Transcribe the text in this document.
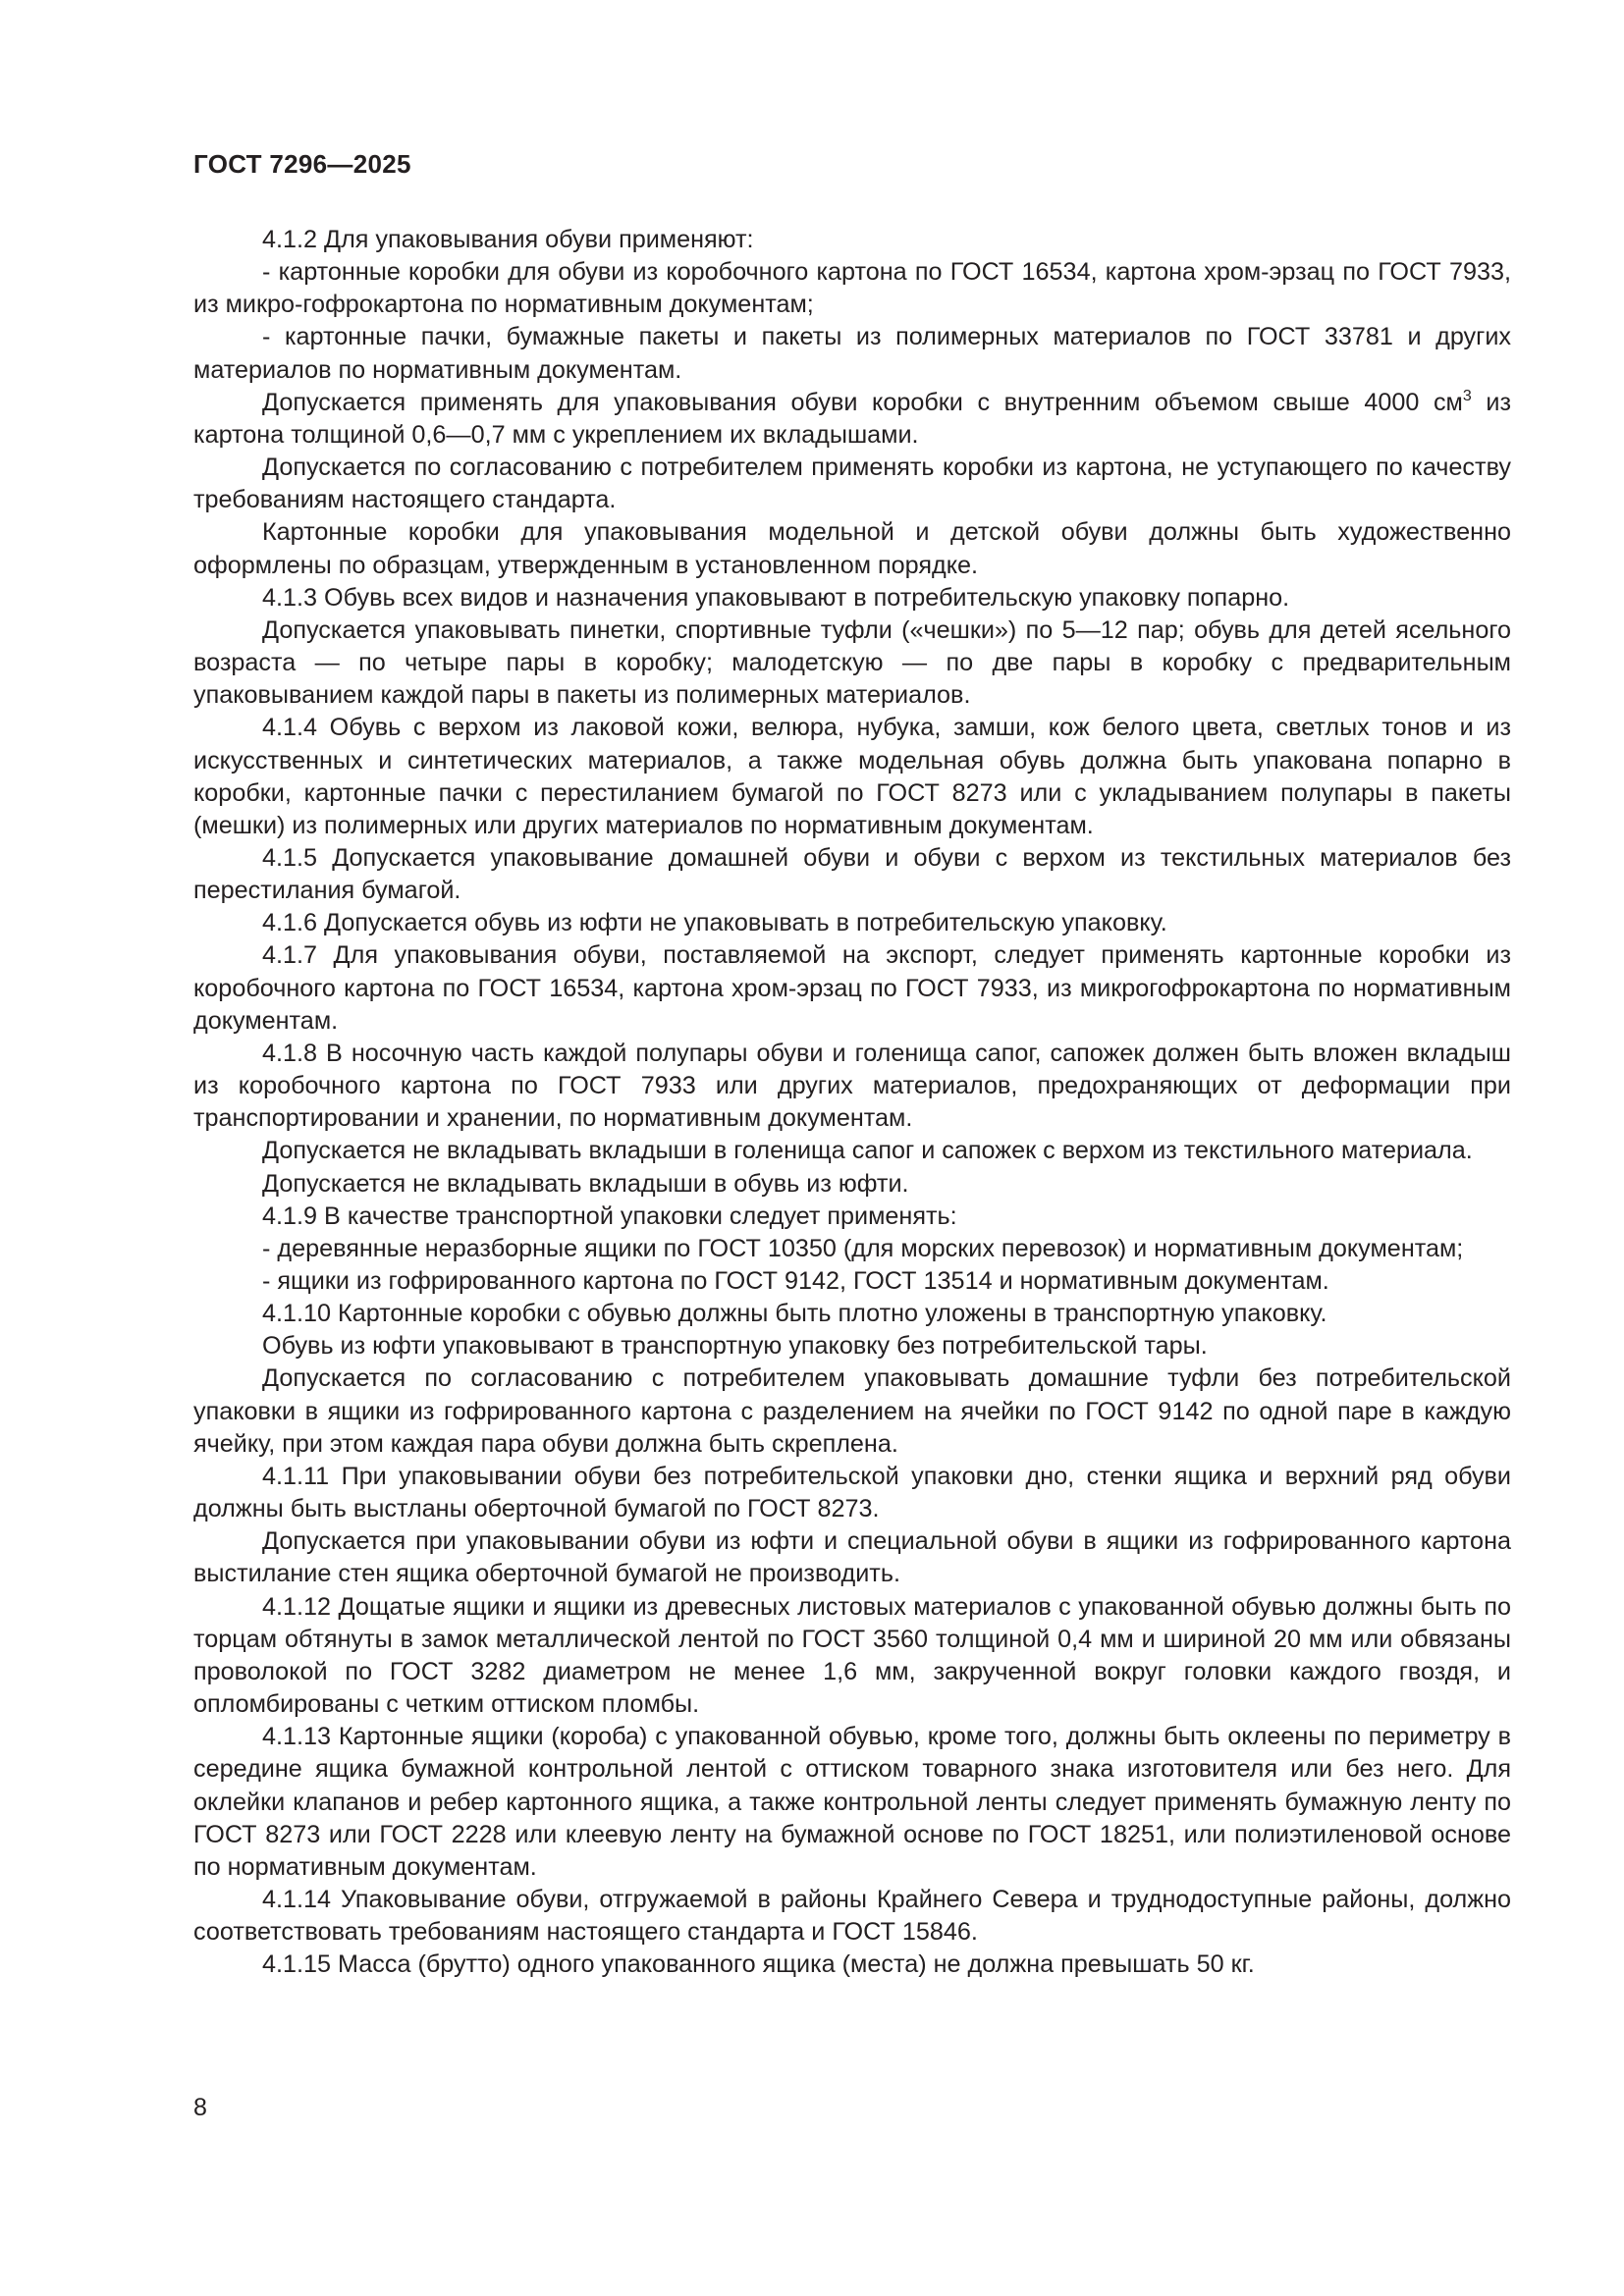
ГОСТ 7296—2025

4.1.2 Для упаковывания обуви применяют:

- картонные коробки для обуви из коробочного картона по ГОСТ 16534, картона хром-эрзац по ГОСТ 7933, из микро-гофрокартона по нормативным документам;

- картонные пачки, бумажные пакеты и пакеты из полимерных материалов по ГОСТ 33781 и других материалов по нормативным документам.

Допускается применять для упаковывания обуви коробки с внутренним объемом свыше 4000 $см^3$ из картона толщиной 0,6—0,7 мм с укреплением их вкладышами.

Допускается по согласованию с потребителем применять коробки из картона, не уступающего по качеству требованиям настоящего стандарта.

Картонные коробки для упаковывания модельной и детской обуви должны быть художественно оформлены по образцам, утвержденным в установленном порядке.

4.1.3 Обувь всех видов и назначения упаковывают в потребительскую упаковку попарно.

Допускается упаковывать пинетки, спортивные туфли («чешки») по 5—12 пар; обувь для детей ясельного возраста — по четыре пары в коробку; малодетскую — по две пары в коробку с предварительным упаковыванием каждой пары в пакеты из полимерных материалов.

4.1.4 Обувь с верхом из лаковой кожи, велюра, нубука, замши, кож белого цвета, светлых тонов и из искусственных и синтетических материалов, а также модельная обувь должна быть упакована попарно в коробки, картонные пачки с перестиланием бумагой по ГОСТ 8273 или с укладыванием полупары в пакеты (мешки) из полимерных или других материалов по нормативным документам.

4.1.5 Допускается упаковывание домашней обуви и обуви с верхом из текстильных материалов без перестилания бумагой.

4.1.6 Допускается обувь из юфти не упаковывать в потребительскую упаковку.

4.1.7 Для упаковывания обуви, поставляемой на экспорт, следует применять картонные коробки из коробочного картона по ГОСТ 16534, картона хром-эрзац по ГОСТ 7933, из микрогофрокартона по нормативным документам.

4.1.8 В носочную часть каждой полупары обуви и голенища сапог, сапожек должен быть вложен вкладыш из коробочного картона по ГОСТ 7933 или других материалов, предохраняющих от деформации при транспортировании и хранении, по нормативным документам.

Допускается не вкладывать вкладыши в голенища сапог и сапожек с верхом из текстильного материала.

Допускается не вкладывать вкладыши в обувь из юфти.

4.1.9 В качестве транспортной упаковки следует применять:

- деревянные неразборные ящики по ГОСТ 10350 (для морских перевозок) и нормативным документам;

- ящики из гофрированного картона по ГОСТ 9142, ГОСТ 13514 и нормативным документам.

4.1.10 Картонные коробки с обувью должны быть плотно уложены в транспортную упаковку.

Обувь из юфти упаковывают в транспортную упаковку без потребительской тары.

Допускается по согласованию с потребителем упаковывать домашние туфли без потребительской упаковки в ящики из гофрированного картона с разделением на ячейки по ГОСТ 9142 по одной паре в каждую ячейку, при этом каждая пара обуви должна быть скреплена.

4.1.11 При упаковывании обуви без потребительской упаковки дно, стенки ящика и верхний ряд обуви должны быть выстланы оберточной бумагой по ГОСТ 8273.

Допускается при упаковывании обуви из юфти и специальной обуви в ящики из гофрированного картона выстилание стен ящика оберточной бумагой не производить.

4.1.12 Дощатые ящики и ящики из древесных листовых материалов с упакованной обувью должны быть по торцам обтянуты в замок металлической лентой по ГОСТ 3560 толщиной 0,4 мм и шириной 20 мм или обвязаны проволокой по ГОСТ 3282 диаметром не менее 1,6 мм, закрученной вокруг головки каждого гвоздя, и опломбированы с четким оттиском пломбы.

4.1.13 Картонные ящики (короба) с упакованной обувью, кроме того, должны быть оклеены по периметру в середине ящика бумажной контрольной лентой с оттиском товарного знака изготовителя или без него. Для оклейки клапанов и ребер картонного ящика, а также контрольной ленты следует применять бумажную ленту по ГОСТ 8273 или ГОСТ 2228 или клеевую ленту на бумажной основе по ГОСТ 18251, или полиэтиленовой основе по нормативным документам.

4.1.14 Упаковывание обуви, отгружаемой в районы Крайнего Севера и труднодоступные районы, должно соответствовать требованиям настоящего стандарта и ГОСТ 15846.

4.1.15 Масса (брутто) одного упакованного ящика (места) не должна превышать 50 кг.

8
